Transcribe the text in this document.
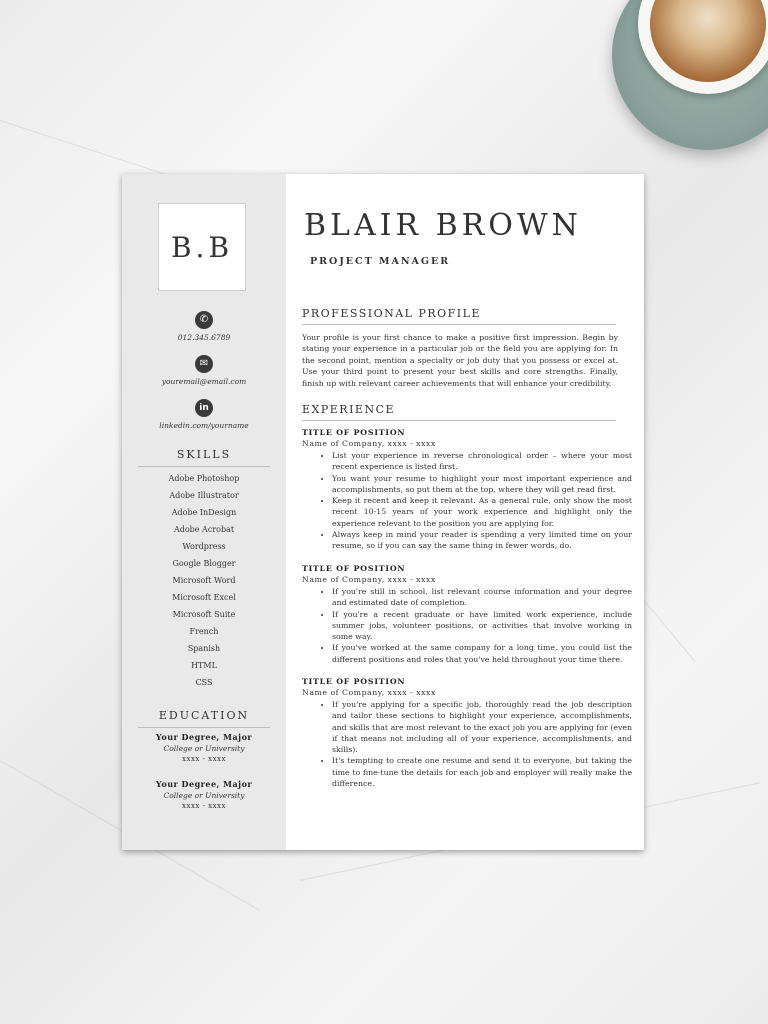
B.B
✆
012.345.6789
✉
youremail@email.com
in
linkedin.com/yourname
SKILLS
Adobe Photoshop
Adobe Illustrator
Adobe InDesign
Adobe Acrobat
Wordpress
Google Blogger
Microsoft Word
Microsoft Excel
Microsoft Suite
French
Spanish
HTML
CSS
EDUCATION
Your Degree, Major
College or University
xxxx - xxxx
Your Degree, Major
College or University
xxxx - xxxx
BLAIR BROWN
PROJECT MANAGER
PROFESSIONAL PROFILE
Your profile is your first chance to make a positive first impression. Begin by stating your experience in a particular job or the field you are applying for. In the second point, mention a specialty or job duty that you possess or excel at. Use your third point to present your best skills and core strengths. Finally, finish up with relevant career achievements that will enhance your credibility.
EXPERIENCE
TITLE OF POSITION
Name of Company, xxxx - xxxx
• List your experience in reverse chronological order – where your most recent experience is listed first.
• You want your resume to highlight your most important experience and accomplishments, so put them at the top, where they will get read first.
• Keep it recent and keep it relevant. As a general rule, only show the most recent 10-15 years of your work experience and highlight only the experience relevant to the position you are applying for.
• Always keep in mind your reader is spending a very limited time on your resume, so if you can say the same thing in fewer words, do.
TITLE OF POSITION
Name of Company, xxxx - xxxx
• If you're still in school, list relevant course information and your degree and estimated date of completion.
• If you're a recent graduate or have limited work experience, include summer jobs, volunteer positions, or activities that involve working in some way.
• If you've worked at the same company for a long time, you could list the different positions and roles that you've held throughout your time there.
TITLE OF POSITION
Name of Company, xxxx - xxxx
• If you're applying for a specific job, thoroughly read the job description and tailor these sections to highlight your experience, accomplishments, and skills that are most relevant to the exact job you are applying for (even if that means not including all of your experience, accomplishments, and skills).
• It's tempting to create one resume and send it to everyone, but taking the time to fine-tune the details for each job and employer will really make the difference.
